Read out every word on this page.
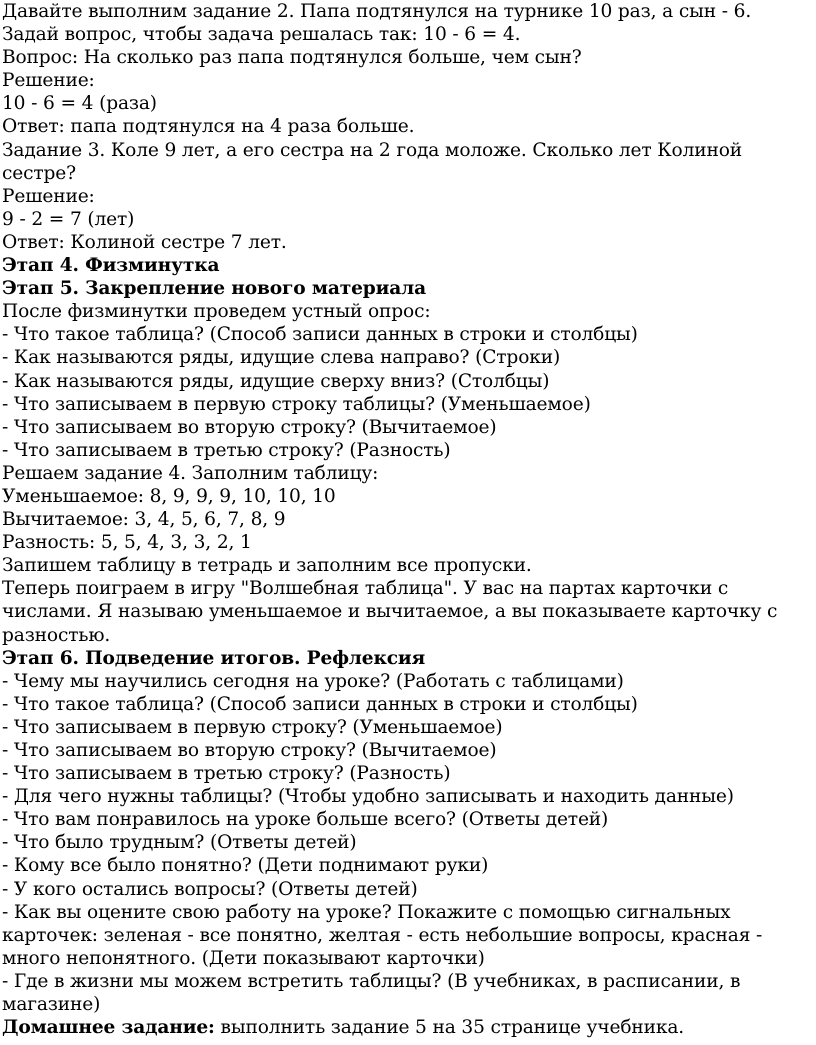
Давайте выполним задание 2. Папа подтянулся на турнике 10 раз, а сын - 6.

Задай вопрос, чтобы задача решалась так: 10 - 6 = 4.

Вопрос: На сколько раз папа подтянулся больше, чем сын?

Решение:

10 - 6 = 4 (раза)

Ответ: папа подтянулся на 4 раза больше.

Задание 3. Коле 9 лет, а его сестра на 2 года моложе. Сколько лет Колиной сестре?

Решение:

9 - 2 = 7 (лет)

Ответ: Колиной сестре 7 лет.

Этап 4. Физминутка

Этап 5. Закрепление нового материала

После физминутки проведем устный опрос:

- Что такое таблица? (Способ записи данных в строки и столбцы)

- Как называются ряды, идущие слева направо? (Строки)

- Как называются ряды, идущие сверху вниз? (Столбцы)

- Что записываем в первую строку таблицы? (Уменьшаемое)

- Что записываем во вторую строку? (Вычитаемое)

- Что записываем в третью строку? (Разность)

Решаем задание 4. Заполним таблицу:

Уменьшаемое: 8, 9, 9, 9, 10, 10, 10

Вычитаемое: 3, 4, 5, 6, 7, 8, 9

Разность: 5, 5, 4, 3, 3, 2, 1

Запишем таблицу в тетрадь и заполним все пропуски.

Теперь поиграем в игру "Волшебная таблица". У вас на партах карточки с числами. Я называю уменьшаемое и вычитаемое, а вы показываете карточку с разностью.

Этап 6. Подведение итогов. Рефлексия

- Чему мы научились сегодня на уроке? (Работать с таблицами)

- Что такое таблица? (Способ записи данных в строки и столбцы)

- Что записываем в первую строку? (Уменьшаемое)

- Что записываем во вторую строку? (Вычитаемое)

- Что записываем в третью строку? (Разность)

- Для чего нужны таблицы? (Чтобы удобно записывать и находить данные)

- Что вам понравилось на уроке больше всего? (Ответы детей)

- Что было трудным? (Ответы детей)

- Кому все было понятно? (Дети поднимают руки)

- У кого остались вопросы? (Ответы детей)

- Как вы оцените свою работу на уроке? Покажите с помощью сигнальных карточек: зеленая - все понятно, желтая - есть небольшие вопросы, красная - много непонятного. (Дети показывают карточки)

- Где в жизни мы можем встретить таблицы? (В учебниках, в расписании, в магазине)

Домашнее задание: выполнить задание 5 на 35 странице учебника.
